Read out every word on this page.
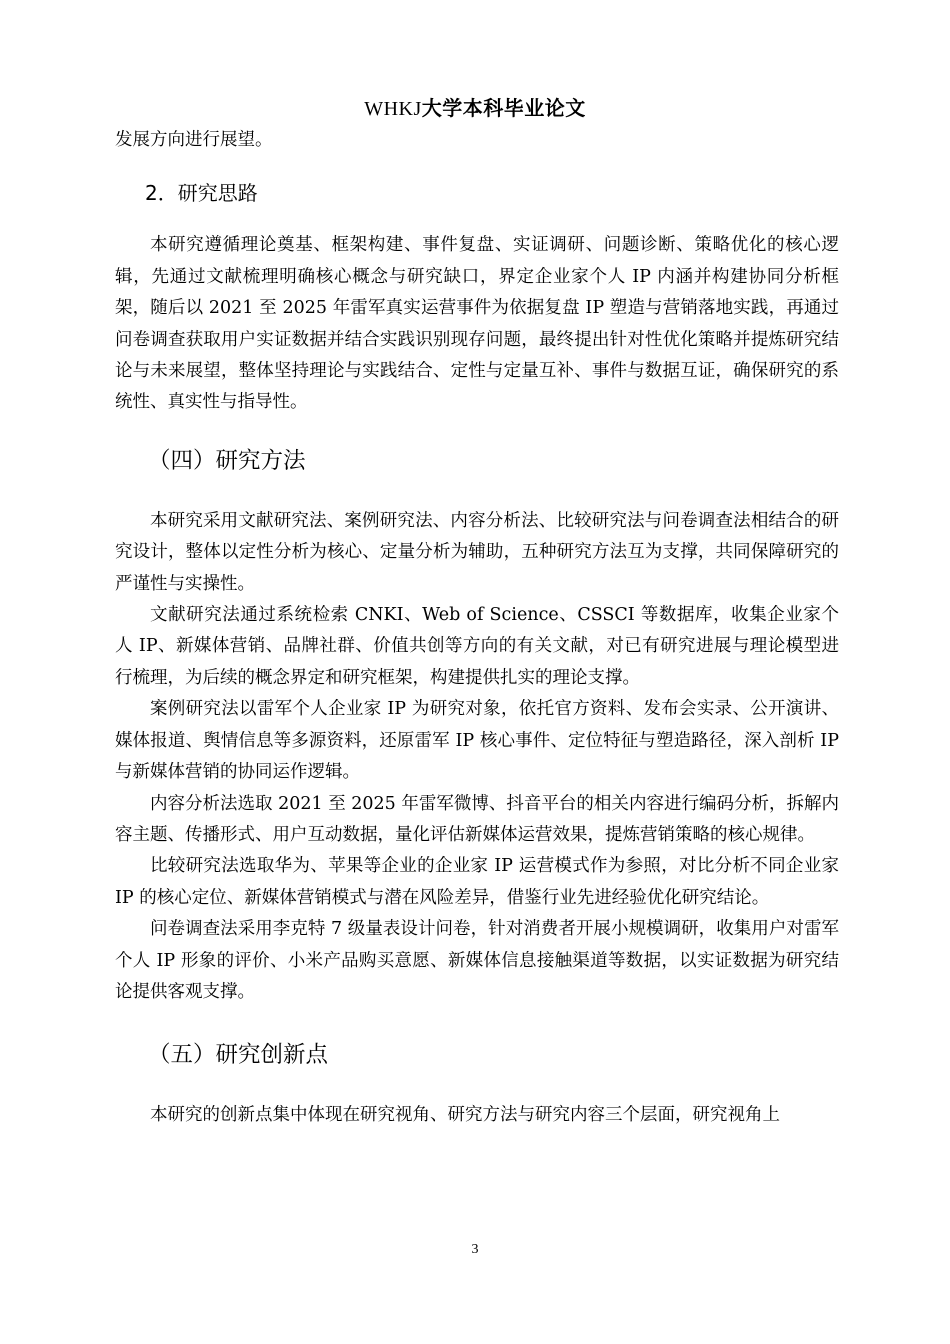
WHKJ大学本科毕业论文

发展方向进行展望。

2．研究思路

本研究遵循理论奠基、框架构建、事件复盘、实证调研、问题诊断、策略优化的核心逻辑，先通过文献梳理明确核心概念与研究缺口，界定企业家个人 IP 内涵并构建协同分析框架，随后以 2021 至 2025 年雷军真实运营事件为依据复盘 IP 塑造与营销落地实践，再通过问卷调查获取用户实证数据并结合实践识别现存问题，最终提出针对性优化策略并提炼研究结论与未来展望，整体坚持理论与实践结合、定性与定量互补、事件与数据互证，确保研究的系统性、真实性与指导性。

（四）研究方法

本研究采用文献研究法、案例研究法、内容分析法、比较研究法与问卷调查法相结合的研究设计，整体以定性分析为核心、定量分析为辅助，五种研究方法互为支撑，共同保障研究的严谨性与实操性。

文献研究法通过系统检索 CNKI、Web of Science、CSSCI 等数据库，收集企业家个人 IP、新媒体营销、品牌社群、价值共创等方向的有关文献，对已有研究进展与理论模型进行梳理，为后续的概念界定和研究框架，构建提供扎实的理论支撑。

案例研究法以雷军个人企业家 IP 为研究对象，依托官方资料、发布会实录、公开演讲、媒体报道、舆情信息等多源资料，还原雷军 IP 核心事件、定位特征与塑造路径，深入剖析 IP 与新媒体营销的协同运作逻辑。

内容分析法选取 2021 至 2025 年雷军微博、抖音平台的相关内容进行编码分析，拆解内容主题、传播形式、用户互动数据，量化评估新媒体运营效果，提炼营销策略的核心规律。

比较研究法选取华为、苹果等企业的企业家 IP 运营模式作为参照，对比分析不同企业家 IP 的核心定位、新媒体营销模式与潜在风险差异，借鉴行业先进经验优化研究结论。

问卷调查法采用李克特 7 级量表设计问卷，针对消费者开展小规模调研，收集用户对雷军个人 IP 形象的评价、小米产品购买意愿、新媒体信息接触渠道等数据，以实证数据为研究结论提供客观支撑。

（五）研究创新点

本研究的创新点集中体现在研究视角、研究方法与研究内容三个层面，研究视角上

3
